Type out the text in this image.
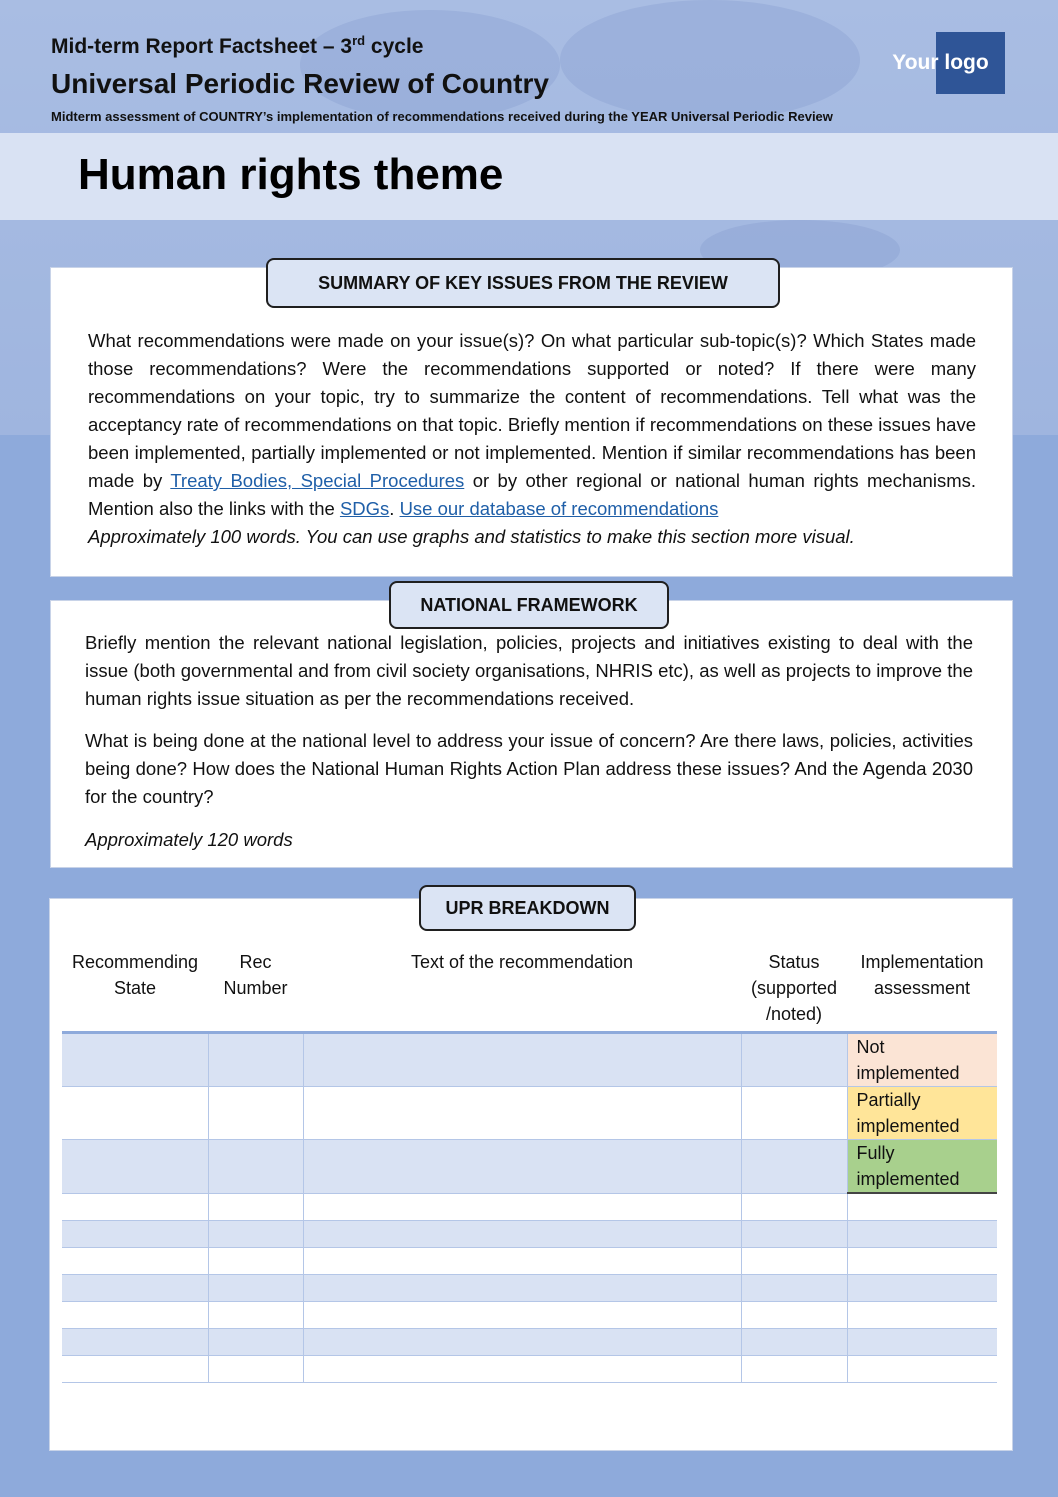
Mid-term Report Factsheet – 3rd cycle
Universal Periodic Review of Country
Midterm assessment of COUNTRY’s implementation of recommendations received during the YEAR Universal Periodic Review
Your logo
Human rights theme
SUMMARY OF KEY ISSUES FROM THE REVIEW
What recommendations were made on your issue(s)? On what particular sub-topic(s)? Which States made those recommendations? Were the recommendations supported or noted? If there were many recommendations on your topic, try to summarize the content of recommendations. Tell what was the acceptancy rate of recommendations on that topic. Briefly mention if recommendations on these issues have been implemented, partially implemented or not implemented. Mention if similar recommendations has been made by Treaty Bodies, Special Procedures or by other regional or national human rights mechanisms. Mention also the links with the SDGs. Use our database of recommendations
Approximately 100 words. You can use graphs and statistics to make this section more visual.
NATIONAL FRAMEWORK
Briefly mention the relevant national legislation, policies, projects and initiatives existing to deal with the issue (both governmental and from civil society organisations, NHRIS etc), as well as projects to improve the human rights issue situation as per the recommendations received.
What is being done at the national level to address your issue of concern? Are there laws, policies, activities being done? How does the National Human Rights Action Plan address these issues? And the Agenda 2030 for the country?
Approximately 120 words
UPR BREAKDOWN
Recommending State	Rec Number	Text of the recommendation	Status (supported /noted)	Implementation assessment
				Not implemented
				Partially implemented
				Fully implemented
